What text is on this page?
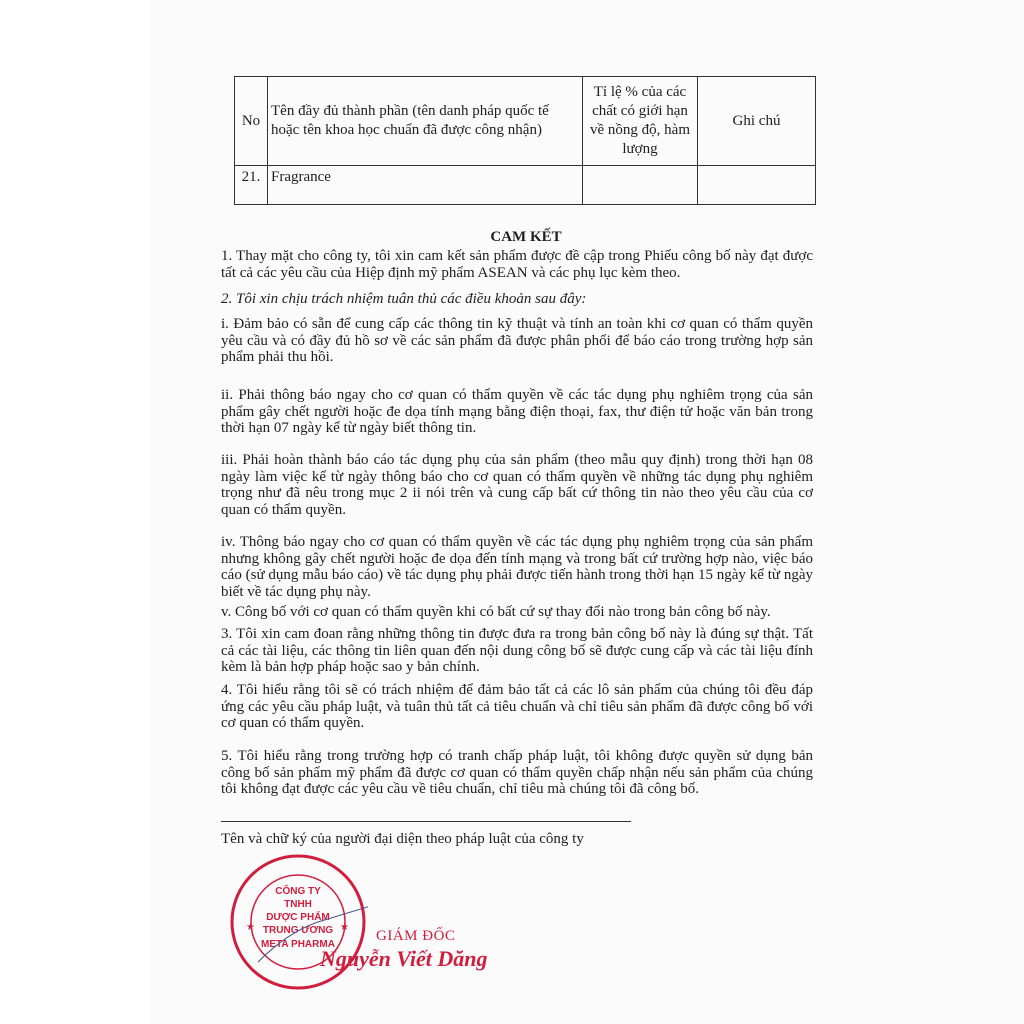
No	Tên đầy đủ thành phần (tên danh pháp quốc tế hoặc tên khoa học chuẩn đã được công nhận)	Tỉ lệ % của các chất có giới hạn về nồng độ, hàm lượng	Ghi chú
21.	Fragrance		
CAM KẾT
1. Thay mặt cho công ty, tôi xin cam kết sản phẩm được đề cập trong Phiếu công bố này đạt được tất cả các yêu cầu của Hiệp định mỹ phẩm ASEAN và các phụ lục kèm theo.
2. Tôi xin chịu trách nhiệm tuân thủ các điều khoản sau đây:
i. Đảm bảo có sẵn để cung cấp các thông tin kỹ thuật và tính an toàn khi cơ quan có thẩm quyền yêu cầu và có đầy đủ hồ sơ về các sản phẩm đã được phân phối để báo cáo trong trường hợp sản phẩm phải thu hồi.
ii. Phải thông báo ngay cho cơ quan có thẩm quyền về các tác dụng phụ nghiêm trọng của sản phẩm gây chết người hoặc đe dọa tính mạng bằng điện thoại, fax, thư điện tử hoặc văn bản trong thời hạn 07 ngày kể từ ngày biết thông tin.
iii. Phải hoàn thành báo cáo tác dụng phụ của sản phẩm (theo mẫu quy định) trong thời hạn 08 ngày làm việc kể từ ngày thông báo cho cơ quan có thẩm quyền về những tác dụng phụ nghiêm trọng như đã nêu trong mục 2 ii nói trên và cung cấp bất cứ thông tin nào theo yêu cầu của cơ quan có thẩm quyền.
iv. Thông báo ngay cho cơ quan có thẩm quyền về các tác dụng phụ nghiêm trọng của sản phẩm nhưng không gây chết người hoặc đe dọa đến tính mạng và trong bất cứ trường hợp nào, việc báo cáo (sử dụng mẫu báo cáo) về tác dụng phụ phải được tiến hành trong thời hạn 15 ngày kể từ ngày biết về tác dụng phụ này.
v. Công bố với cơ quan có thẩm quyền khi có bất cứ sự thay đổi nào trong bản công bố này.
3. Tôi xin cam đoan rằng những thông tin được đưa ra trong bản công bố này là đúng sự thật. Tất cả các tài liệu, các thông tin liên quan đến nội dung công bố sẽ được cung cấp và các tài liệu đính kèm là bản hợp pháp hoặc sao y bản chính.
4. Tôi hiểu rằng tôi sẽ có trách nhiệm để đảm bảo tất cả các lô sản phẩm của chúng tôi đều đáp ứng các yêu cầu pháp luật, và tuân thủ tất cả tiêu chuẩn và chỉ tiêu sản phẩm đã được công bố với cơ quan có thẩm quyền.
5. Tôi hiểu rằng trong trường hợp có tranh chấp pháp luật, tôi không được quyền sử dụng bản công bố sản phẩm mỹ phẩm đã được cơ quan có thẩm quyền chấp nhận nếu sản phẩm của chúng tôi không đạt được các yêu cầu về tiêu chuẩn, chỉ tiêu mà chúng tôi đã công bố.
Tên và chữ ký của người đại diện theo pháp luật của công ty
CÔNG TY
TNHH
DƯỢC PHẨM
TRUNG ƯƠNG
META PHARMA
★	★
GIÁM ĐỐC
Nguyễn Viết Dăng
